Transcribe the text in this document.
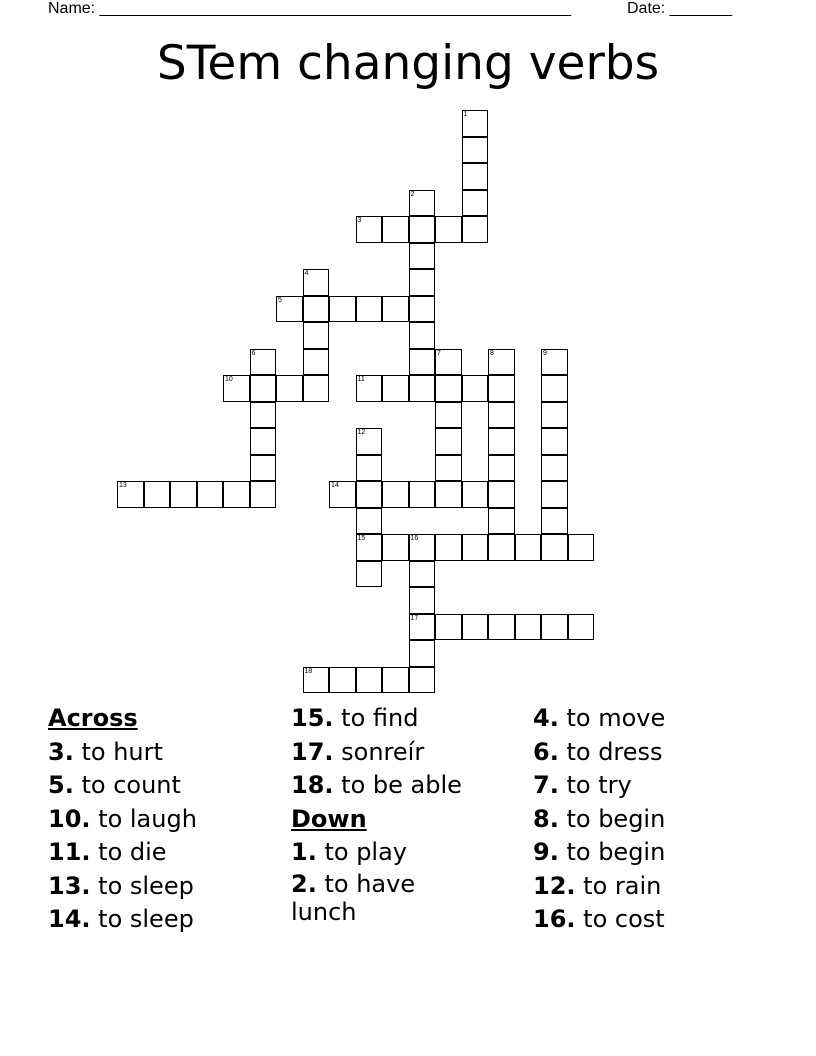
Name: _____________________________________________________	Date: _______
STem changing verbs
1
2
3
4
5
6	7	8	9
10	11
12
15
13	14
16
17
18
Across
3. to hurt
5. to count
10. to laugh
11. to die
13. to sleep
14. to sleep
15. to find
17. sonreír
18. to be able
Down
1. to play
2. to have lunch
4. to move
6. to dress
7. to try
8. to begin
9. to begin
12. to rain
16. to cost
